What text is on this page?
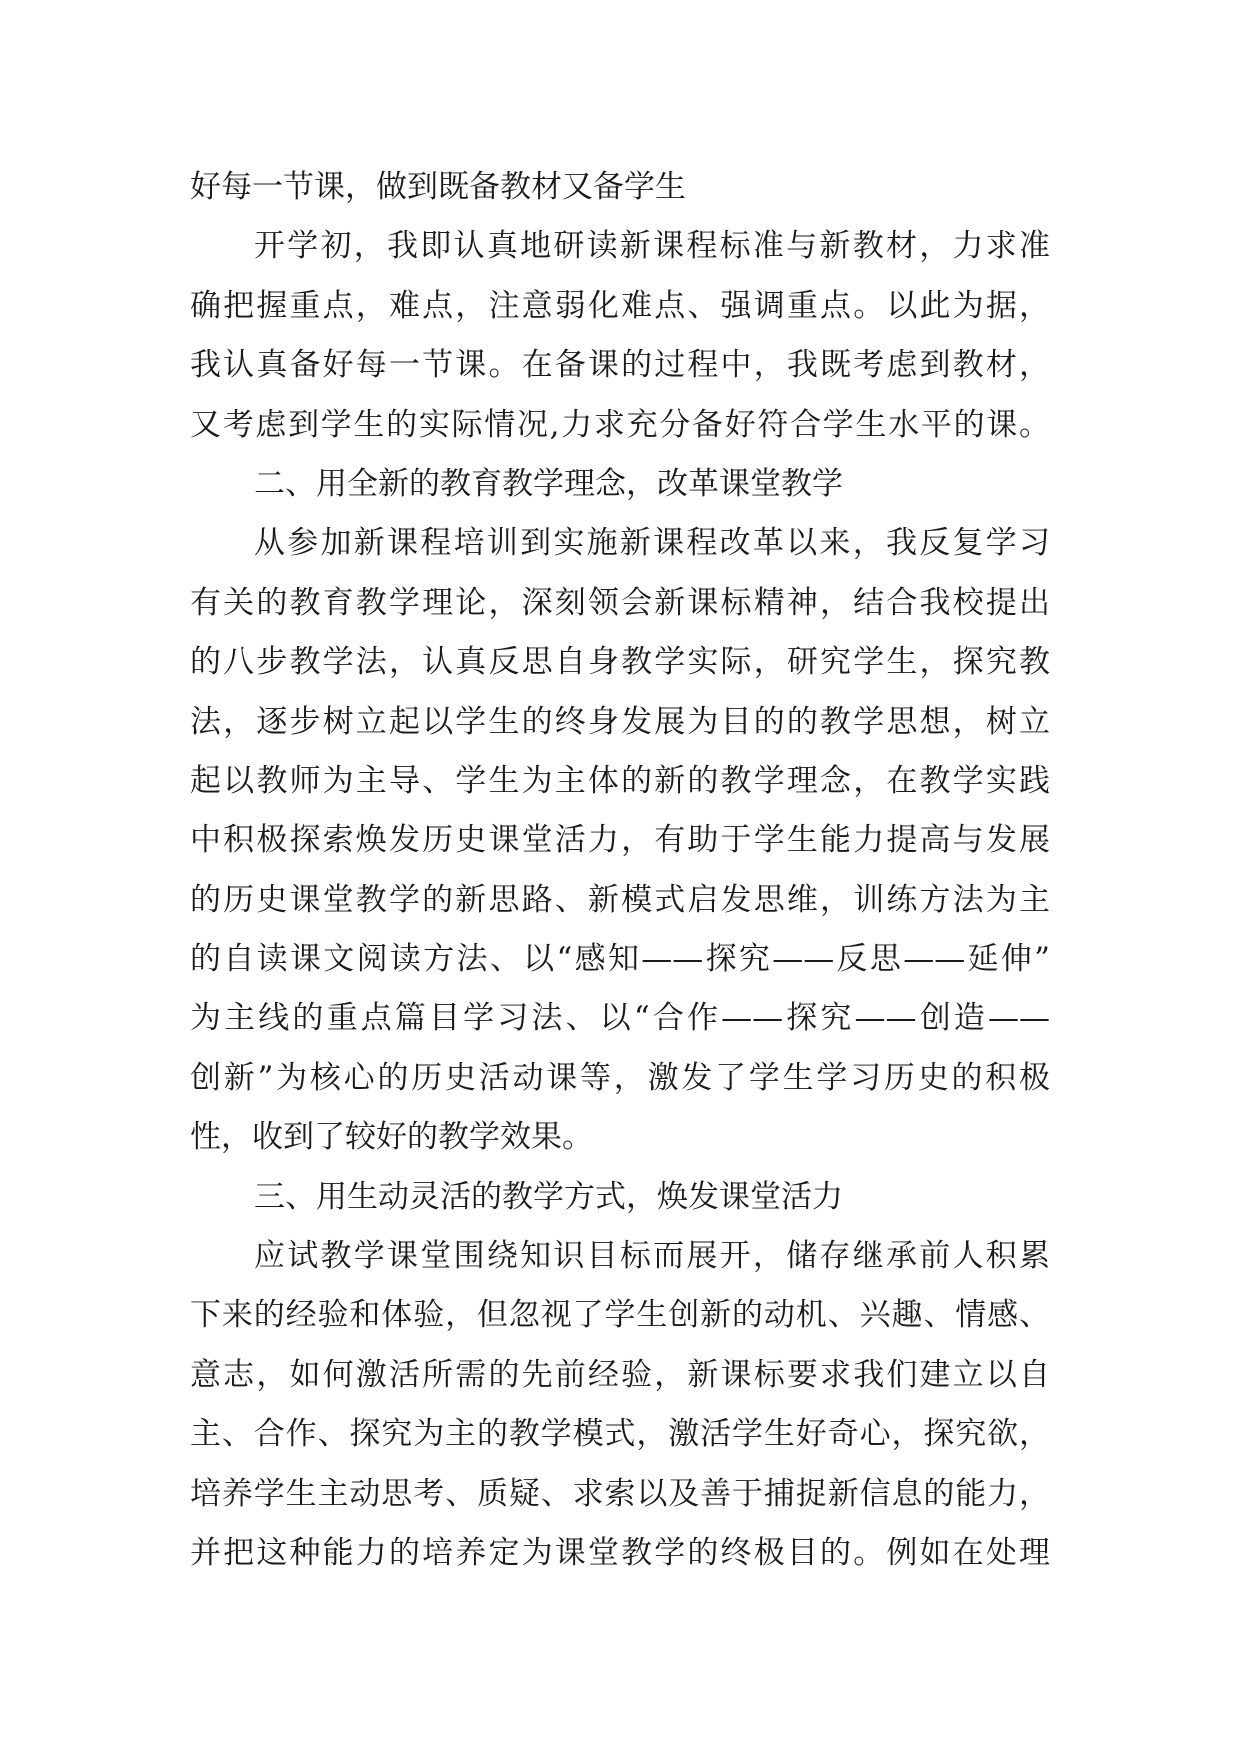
好每一节课，做到既备教材又备学生
开学初，我即认真地研读新课程标准与新教材，力求准
确把握重点，难点，注意弱化难点、强调重点。以此为据，
我认真备好每一节课。在备课的过程中，我既考虑到教材，
又考虑到学生的实际情况,力求充分备好符合学生水平的课。
二、用全新的教育教学理念，改革课堂教学
从参加新课程培训到实施新课程改革以来，我反复学习
有关的教育教学理论，深刻领会新课标精神，结合我校提出
的八步教学法，认真反思自身教学实际，研究学生，探究教
法，逐步树立起以学生的终身发展为目的的教学思想，树立
起以教师为主导、学生为主体的新的教学理念，在教学实践
中积极探索焕发历史课堂活力，有助于学生能力提高与发展
的历史课堂教学的新思路、新模式启发思维，训练方法为主
的自读课文阅读方法、以“感知——探究——反思——延伸”
为主线的重点篇目学习法、以“合作——探究——创造——
创新”为核心的历史活动课等，激发了学生学习历史的积极
性，收到了较好的教学效果。
三、用生动灵活的教学方式，焕发课堂活力
应试教学课堂围绕知识目标而展开，储存继承前人积累
下来的经验和体验，但忽视了学生创新的动机、兴趣、情感、
意志，如何激活所需的先前经验，新课标要求我们建立以自
主、合作、探究为主的教学模式，激活学生好奇心，探究欲，
培养学生主动思考、质疑、求索以及善于捕捉新信息的能力，
并把这种能力的培养定为课堂教学的终极目的。例如在处理
